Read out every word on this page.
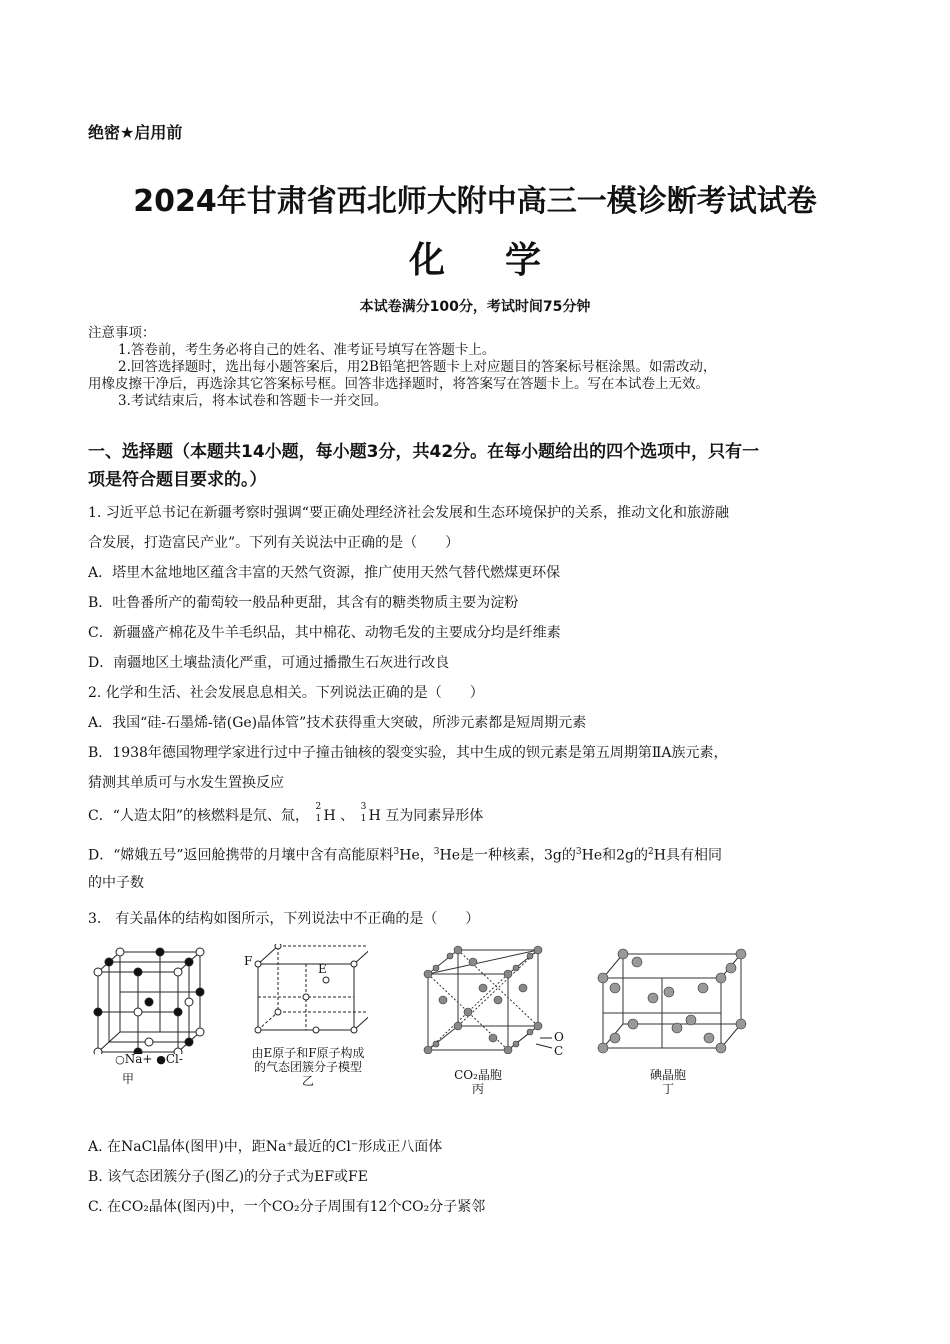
绝密★启用前
2024年甘肃省西北师大附中高三一模诊断考试试卷
化学
本试卷满分100分，考试时间75分钟
注意事项：
1.答卷前，考生务必将自己的姓名、准考证号填写在答题卡上。
2.回答选择题时，选出每小题答案后，用2B铅笔把答题卡上对应题目的答案标号框涂黑。如需改动，
用橡皮擦干净后，再选涂其它答案标号框。回答非选择题时，将答案写在答题卡上。写在本试卷上无效。
3.考试结束后，将本试卷和答题卡一并交回。
一、选择题（本题共14小题，每小题3分，共42分。在每小题给出的四个选项中，只有一
项是符合题目要求的。）
1. 习近平总书记在新疆考察时强调“要正确处理经济社会发展和生态环境保护的关系，推动文化和旅游融
合发展，打造富民产业”。下列有关说法中正确的是（　　）
A．塔里木盆地地区蕴含丰富的天然气资源，推广使用天然气替代燃煤更环保
B．吐鲁番所产的葡萄较一般品种更甜，其含有的糖类物质主要为淀粉
C．新疆盛产棉花及牛羊毛织品，其中棉花、动物毛发的主要成分均是纤维素
D．南疆地区土壤盐渍化严重，可通过播撒生石灰进行改良
2. 化学和生活、社会发展息息相关。下列说法正确的是（　　）
A．我国“硅-石墨烯-锗(Ge)晶体管”技术获得重大突破，所涉元素都是短周期元素
B．1938年德国物理学家进行过中子撞击铀核的裂变实验，其中生成的钡元素是第五周期第ⅡA族元素，
猜测其单质可与水发生置换反应
C．“人造太阳”的核燃料是氘、氚，
2
1 H 、
3
1 H 互为同素异形体
D．“嫦娥五号”返回舱携带的月壤中含有高能原料$^3$He，$^3$He是一种核素，3g的$^3$He和2g的$^2$H具有相同
的中子数
3.　有关晶体的结构如图所示，下列说法中不正确的是（　　）
○Na+ ●Cl-
甲
F
E
由E原子和F原子构成
的气态团簇分子模型
乙
O
C
CO₂晶胞
丙
碘晶胞
丁
A. 在NaCl晶体(图甲)中，距Na⁺最近的Cl⁻形成正八面体
B. 该气态团簇分子(图乙)的分子式为EF或FE
C. 在CO₂晶体(图丙)中，一个CO₂分子周围有12个CO₂分子紧邻
